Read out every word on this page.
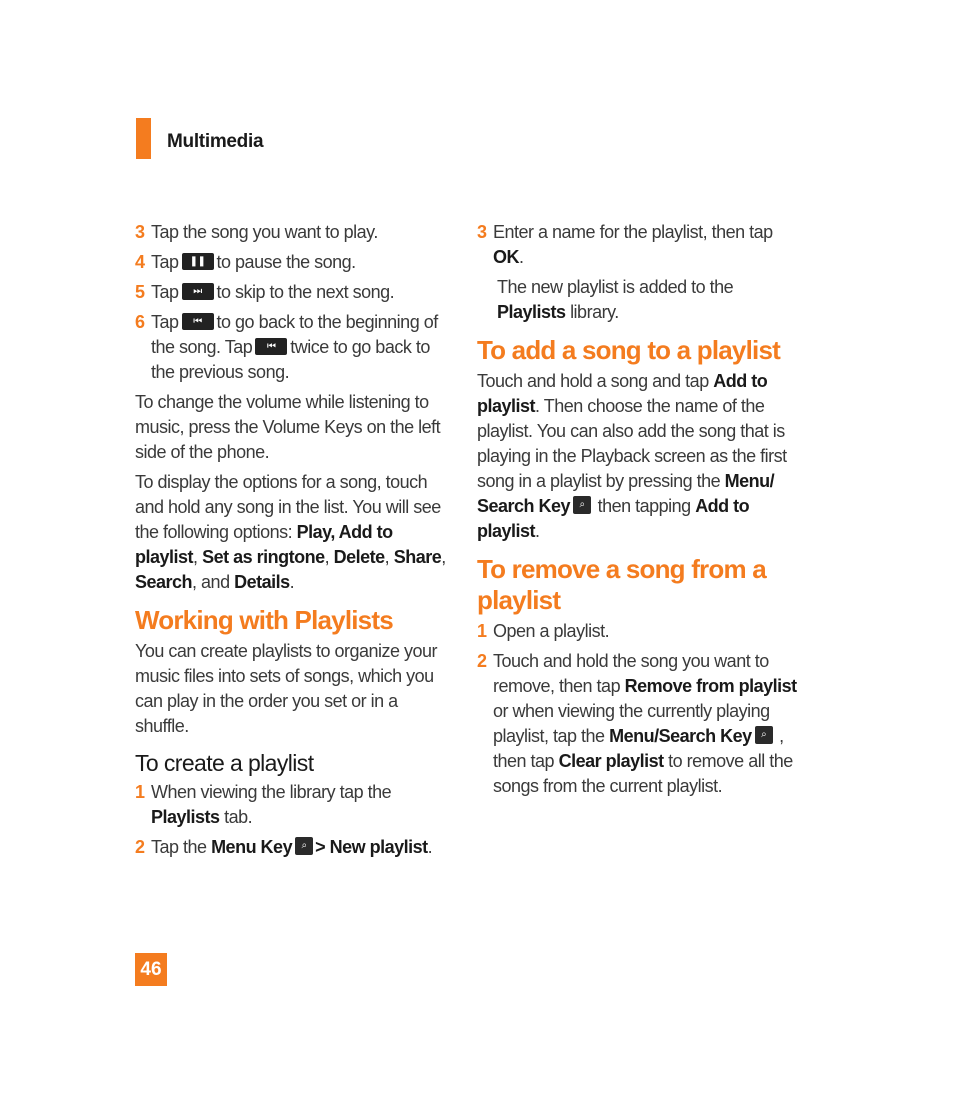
Multimedia
3 Tap the song you want to play.
4 Tap ❚❚ to pause the song.
5 Tap ⏭ to skip to the next song.
6 Tap ⏮ to go back to the beginning of the song. Tap ⏮ twice to go back to the previous song.

To change the volume while listening to music, press the Volume Keys on the left side of the phone.

To display the options for a song, touch and hold any song in the list. You will see the following options: Play, Add to playlist, Set as ringtone, Delete, Share, Search, and Details.

Working with Playlists

You can create playlists to organize your music files into sets of songs, which you can play in the order you set or in a shuffle.

To create a playlist
1 When viewing the library tap the Playlists tab.
2 Tap the Menu Key ⌕ > New playlist.
3 Enter a name for the playlist, then tap OK.

The new playlist is added to the Playlists library.

To add a song to a playlist

Touch and hold a song and tap Add to playlist. Then choose the name of the playlist. You can also add the song that is playing in the Playback screen as the first song in a playlist by pressing the Menu/ Search Key ⌕ then tapping Add to playlist.

To remove a song from a playlist
1 Open a playlist.
2 Touch and hold the song you want to remove, then tap Remove from playlist or when viewing the currently playing playlist, tap the Menu/Search Key ⌕ , then tap Clear playlist to remove all the songs from the current playlist.
46
